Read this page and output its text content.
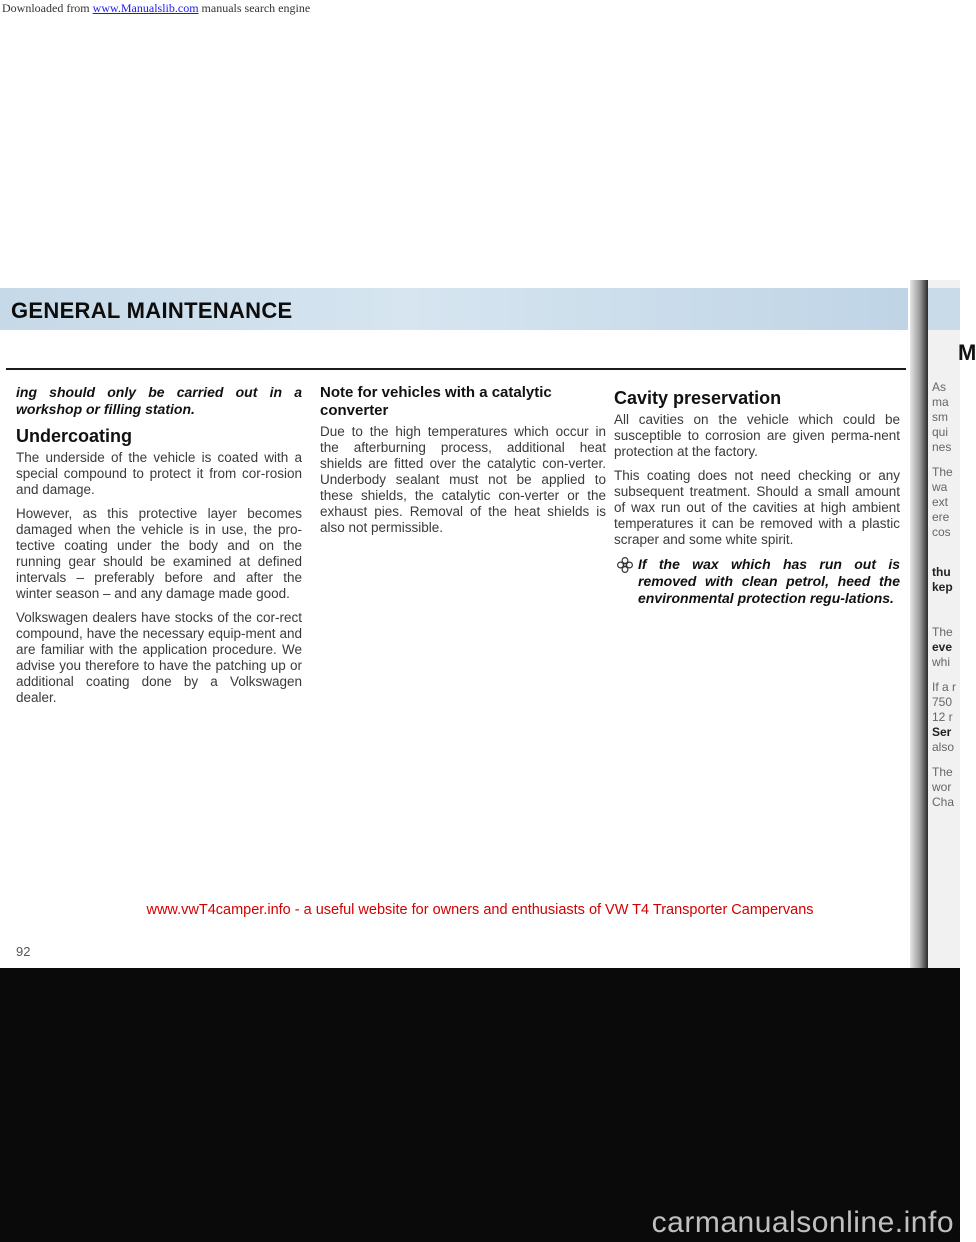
Downloaded from www.Manualslib.com manuals search engine
GENERAL MAINTENANCE

ing should only be carried out in a workshop or filling station.

Undercoating

The underside of the vehicle is coated with a special compound to protect it from cor-rosion and damage.

However, as this protective layer becomes damaged when the vehicle is in use, the pro-tective coating under the body and on the running gear should be examined at defined intervals – preferably before and after the winter season – and any damage made good.

Volkswagen dealers have stocks of the cor-rect compound, have the necessary equip-ment and are familiar with the application procedure. We advise you therefore to have the patching up or additional coating done by a Volkswagen dealer.

Note for vehicles with a catalytic converter

Due to the high temperatures which occur in the afterburning process, additional heat shields are fitted over the catalytic con-verter. Underbody sealant must not be applied to these shields, the catalytic con-verter or the exhaust pies. Removal of the heat shields is also not permissible.

Cavity preservation

All cavities on the vehicle which could be susceptible to corrosion are given perma-nent protection at the factory.

This coating does not need checking or any subsequent treatment. Should a small amount of wax run out of the cavities at high ambient temperatures it can be removed with a plastic scraper and some white spirit.

If the wax which has run out is removed with clean petrol, heed the environmental protection regu-lations.

M
As
ma
sm
qui
nes
The
wa
ext
ere
cos
thu
kep
The
eve
whi
If a r
750
12 r
Ser
also
The
wor
Cha
www.vwT4camper.info - a useful website for owners and enthusiasts of VW T4 Transporter Campervans
92
carmanualsonline.info
